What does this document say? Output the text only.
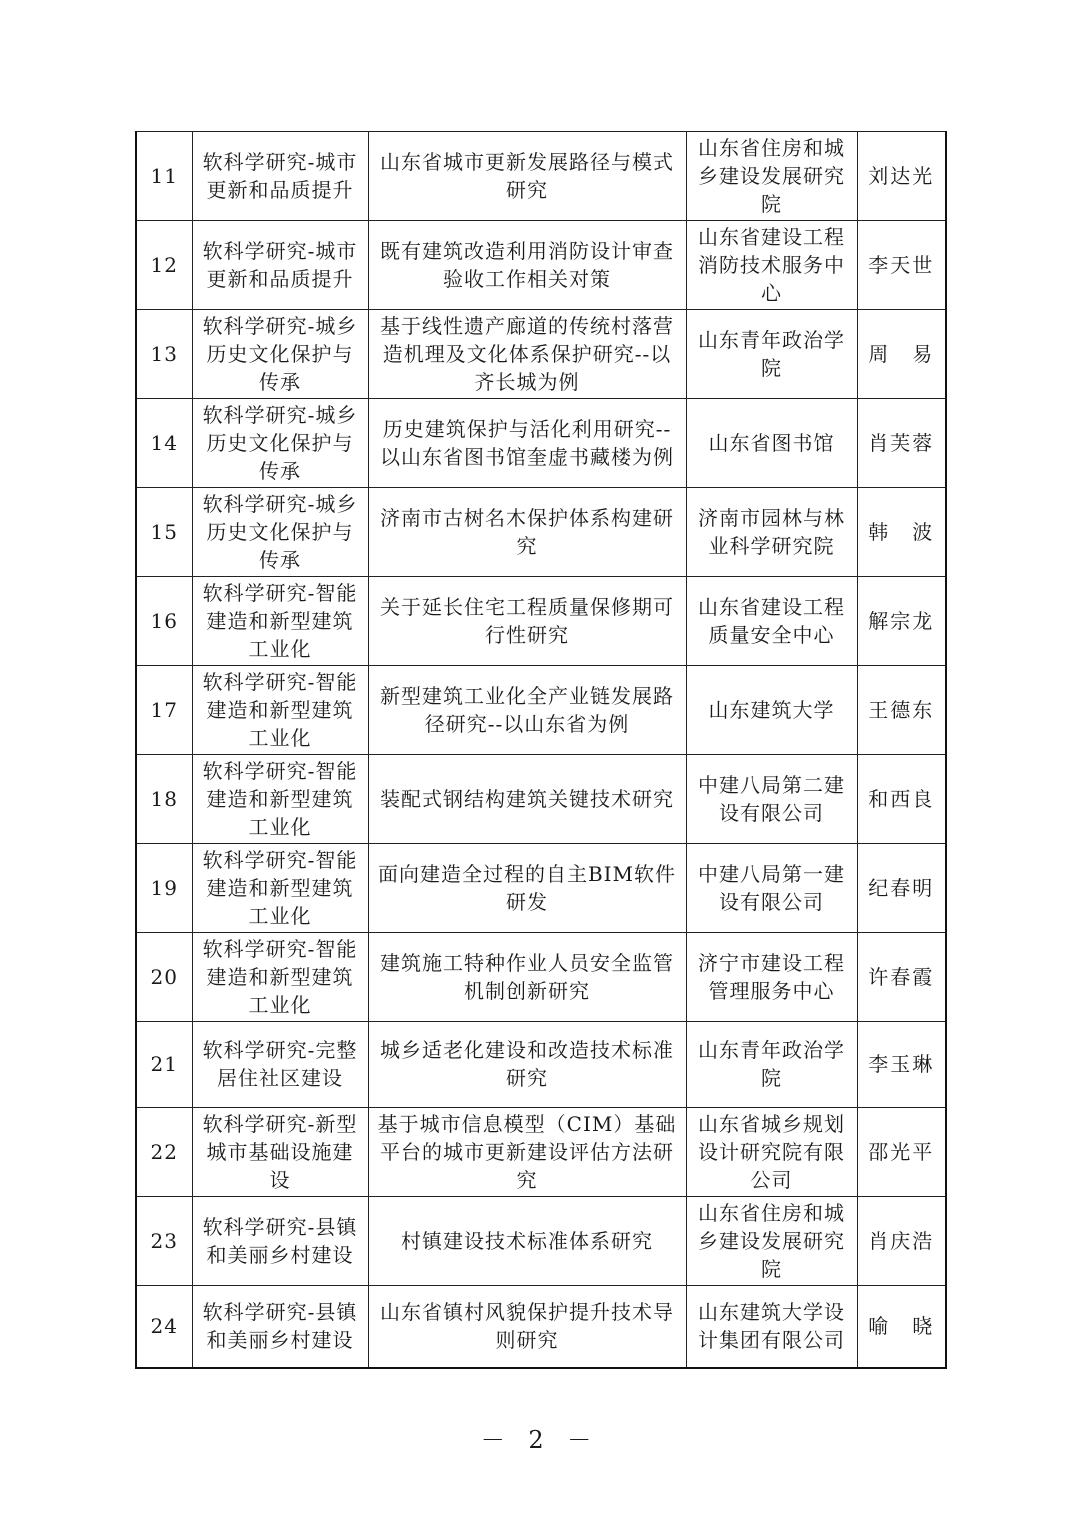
11	软科学研究-城市更新和品质提升	山东省城市更新发展路径与模式研究	山东省住房和城乡建设发展研究院	刘达光
12	软科学研究-城市更新和品质提升	既有建筑改造利用消防设计审查验收工作相关对策	山东省建设工程消防技术服务中心	李天世
13	软科学研究-城乡历史文化保护与传承	基于线性遗产廊道的传统村落营造机理及文化体系保护研究--以齐长城为例	山东青年政治学院	周　易
14	软科学研究-城乡历史文化保护与传承	历史建筑保护与活化利用研究--以山东省图书馆奎虚书藏楼为例	山东省图书馆	肖芙蓉
15	软科学研究-城乡历史文化保护与传承	济南市古树名木保护体系构建研究	济南市园林与林业科学研究院	韩　波
16	软科学研究-智能建造和新型建筑工业化	关于延长住宅工程质量保修期可行性研究	山东省建设工程质量安全中心	解宗龙
17	软科学研究-智能建造和新型建筑工业化	新型建筑工业化全产业链发展路径研究--以山东省为例	山东建筑大学	王德东
18	软科学研究-智能建造和新型建筑工业化	装配式钢结构建筑关键技术研究	中建八局第二建设有限公司	和西良
19	软科学研究-智能建造和新型建筑工业化	面向建造全过程的自主BIM软件研发	中建八局第一建设有限公司	纪春明
20	软科学研究-智能建造和新型建筑工业化	建筑施工特种作业人员安全监管机制创新研究	济宁市建设工程管理服务中心	许春霞
21	软科学研究-完整居住社区建设	城乡适老化建设和改造技术标准研究	山东青年政治学院	李玉琳
22	软科学研究-新型城市基础设施建设	基于城市信息模型（CIM）基础平台的城市更新建设评估方法研究	山东省城乡规划设计研究院有限公司	邵光平
23	软科学研究-县镇和美丽乡村建设	村镇建设技术标准体系研究	山东省住房和城乡建设发展研究院	肖庆浩
24	软科学研究-县镇和美丽乡村建设	山东省镇村风貌保护提升技术导则研究	山东建筑大学设计集团有限公司	喻　晓
－ 2 －
